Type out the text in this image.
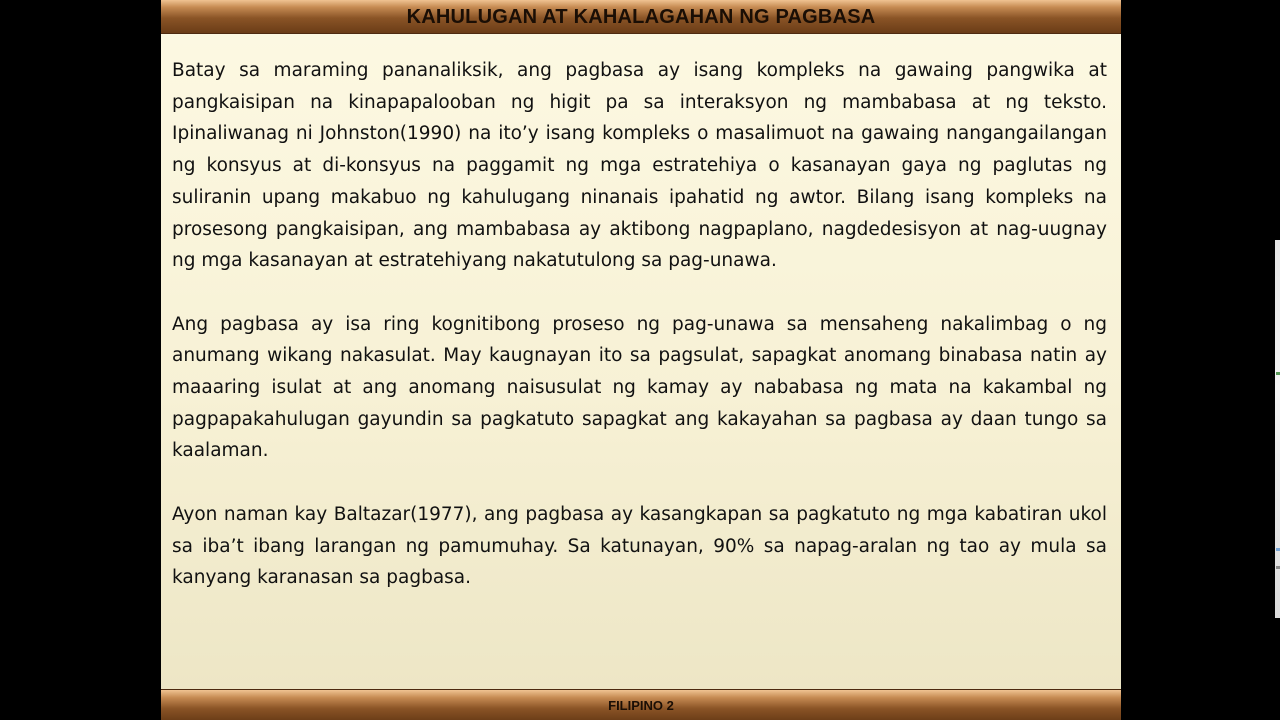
KAHULUGAN AT KAHALAGAHAN NG PAGBASA

Batay sa maraming pananaliksik, ang pagbasa ay isang kompleks na gawaing pangwika at pangkaisipan na kinapapalooban ng higit pa sa interaksyon ng mambabasa at ng teksto. Ipinaliwanag ni Johnston(1990) na ito’y isang kompleks o masalimuot na gawaing nangangailangan ng konsyus at di-konsyus na paggamit ng mga estratehiya o kasanayan gaya ng paglutas ng suliranin upang makabuo ng kahulugang ninanais ipahatid ng awtor. Bilang isang kompleks na prosesong pangkaisipan, ang mambabasa ay aktibong nagpaplano, nagdedesisyon at nag-uugnay ng mga kasanayan at estratehiyang nakatutulong sa pag-unawa.

Ang pagbasa ay isa ring kognitibong proseso ng pag-unawa sa mensaheng nakalimbag o ng anumang wikang nakasulat. May kaugnayan ito sa pagsulat, sapagkat anomang binabasa natin ay maaaring isulat at ang anomang naisusulat ng kamay ay nababasa ng mata na kakambal ng pagpapakahulugan gayundin sa pagkatuto sapagkat ang kakayahan sa pagbasa ay daan tungo sa kaalaman.

Ayon naman kay Baltazar(1977), ang pagbasa ay kasangkapan sa pagkatuto ng mga kabatiran ukol sa iba’t ibang larangan ng pamumuhay. Sa katunayan, 90% sa napag-aralan ng tao ay mula sa kanyang karanasan sa pagbasa.

FILIPINO 2
